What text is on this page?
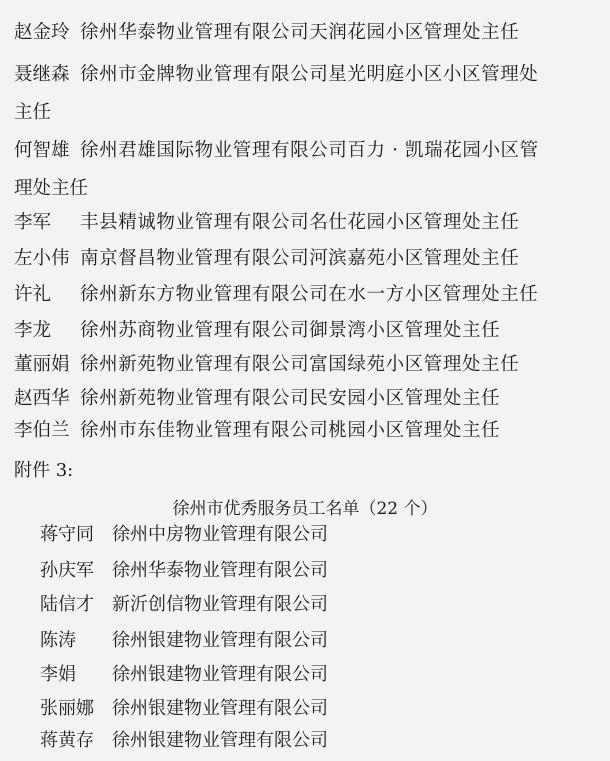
赵金玲 徐州华泰物业管理有限公司天润花园小区管理处主任
聂继森 徐州市金牌物业管理有限公司星光明庭小区小区管理处
主任
何智雄 徐州君雄国际物业管理有限公司百力 · 凯瑞花园小区管
理处主任
李军 丰县精诚物业管理有限公司名仕花园小区管理处主任
左小伟 南京督昌物业管理有限公司河滨嘉苑小区管理处主任
许礼 徐州新东方物业管理有限公司在水一方小区管理处主任
李龙 徐州苏商物业管理有限公司御景湾小区管理处主任
董丽娟 徐州新苑物业管理有限公司富国绿苑小区管理处主任
赵西华 徐州新苑物业管理有限公司民安园小区管理处主任
李伯兰 徐州市东佳物业管理有限公司桃园小区管理处主任
附件 3:
徐州市优秀服务员工名单（22 个）
蒋守同 徐州中房物业管理有限公司
孙庆军 徐州华泰物业管理有限公司
陆信才 新沂创信物业管理有限公司
陈涛 徐州银建物业管理有限公司
李娟 徐州银建物业管理有限公司
张丽娜 徐州银建物业管理有限公司
蒋黄存 徐州银建物业管理有限公司
